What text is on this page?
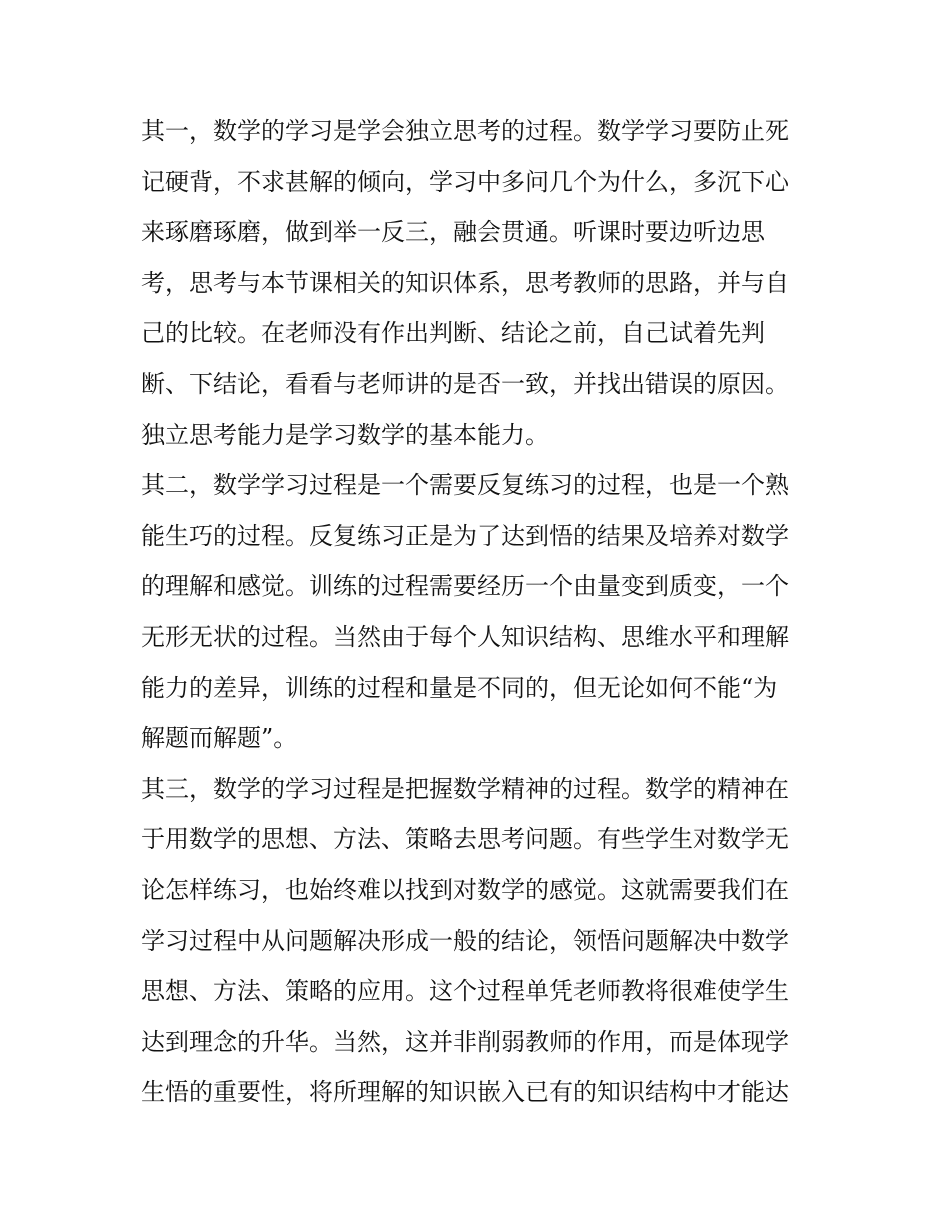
其一，数学的学习是学会独立思考的过程。数学学习要防止死
记硬背，不求甚解的倾向，学习中多问几个为什么，多沉下心
来琢磨琢磨，做到举一反三，融会贯通。听课时要边听边思
考，思考与本节课相关的知识体系，思考教师的思路，并与自
己的比较。在老师没有作出判断、结论之前，自己试着先判
断、下结论，看看与老师讲的是否一致，并找出错误的原因。
独立思考能力是学习数学的基本能力。
其二，数学学习过程是一个需要反复练习的过程，也是一个熟
能生巧的过程。反复练习正是为了达到悟的结果及培养对数学
的理解和感觉。训练的过程需要经历一个由量变到质变，一个
无形无状的过程。当然由于每个人知识结构、思维水平和理解
能力的差异，训练的过程和量是不同的，但无论如何不能“为
解题而解题”。
其三，数学的学习过程是把握数学精神的过程。数学的精神在
于用数学的思想、方法、策略去思考问题。有些学生对数学无
论怎样练习，也始终难以找到对数学的感觉。这就需要我们在
学习过程中从问题解决形成一般的结论，领悟问题解决中数学
思想、方法、策略的应用。这个过程单凭老师教将很难使学生
达到理念的升华。当然，这并非削弱教师的作用，而是体现学
生悟的重要性，将所理解的知识嵌入已有的知识结构中才能达
